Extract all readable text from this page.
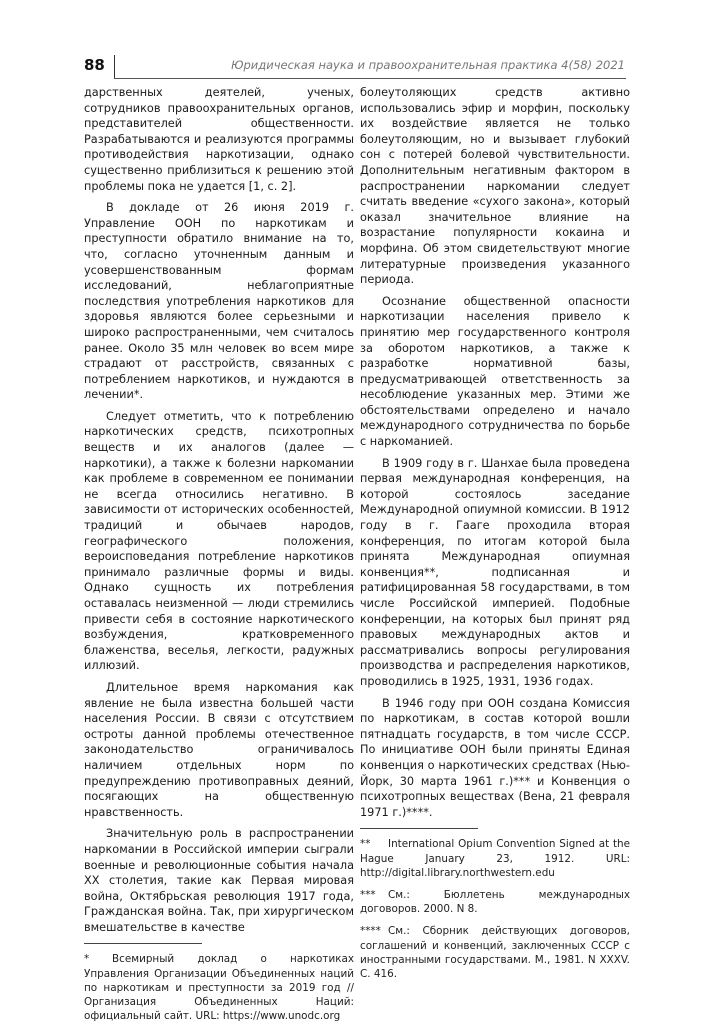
88	Юридическая наука и правоохранительная практика 4(58) 2021

дарственных деятелей, ученых, сотрудников правоохранительных органов, представителей общественности. Разрабатываются и реализуются программы противодействия наркотизации, однако существенно приблизиться к решению этой проблемы пока не удается [1, с. 2].

В докладе от 26 июня 2019 г. Управление ООН по наркотикам и преступности обратило внимание на то, что, согласно уточненным данным и усовершенствованным формам исследований, неблагоприятные последствия употребления наркотиков для здоровья являются более серьезными и широко распространенными, чем считалось ранее. Около 35 млн человек во всем мире страдают от расстройств, связанных с потреблением наркотиков, и нуждаются в лечении*.

Следует отметить, что к потреблению наркотических средств, психотропных веществ и их аналогов (далее — наркотики), а также к болезни наркомании как проблеме в современном ее понимании не всегда относились негативно. В зависимости от исторических особенностей, традиций и обычаев народов, географического положения, вероисповедания потребление наркотиков принимало различные формы и виды. Однако сущность их потребления оставалась неизменной — люди стремились привести себя в состояние наркотического возбуждения, кратковременного блаженства, веселья, легкости, радужных иллюзий.

Длительное время наркомания как явление не была известна большей части населения России. В связи с отсутствием остроты данной проблемы отечественное законодательство ограничивалось наличием отдельных норм по предупреждению противоправных деяний, посягающих на общественную нравственность.

Значительную роль в распространении наркомании в Российской империи сыграли военные и революционные события начала XX столетия, такие как Первая мировая война, Октябрьская революция 1917 года, Гражданская война. Так, при хирургическом вмешательстве в качестве

* Всемирный доклад о наркотиках Управления Организации Объединенных наций по наркотикам и преступности за 2019 год // Организация Объединенных Наций: официальный сайт. URL: https://www.unodc.org

болеутоляющих средств активно использовались эфир и морфин, поскольку их воздействие является не только болеутоляющим, но и вызывает глубокий сон с потерей болевой чувствительности. Дополнительным негативным фактором в распространении наркомании следует считать введение «сухого закона», который оказал значительное влияние на возрастание популярности кокаина и морфина. Об этом свидетельствуют многие литературные произведения указанного периода.

Осознание общественной опасности наркотизации населения привело к принятию мер государственного контроля за оборотом наркотиков, а также к разработке нормативной базы, предусматривающей ответственность за несоблюдение указанных мер. Этими же обстоятельствами определено и начало международного сотрудничества по борьбе с наркоманией.

В 1909 году в г. Шанхае была проведена первая международная конференция, на которой состоялось заседание Международной опиумной комиссии. В 1912 году в г. Гааге проходила вторая конференция, по итогам которой была принята Международная опиумная конвенция**, подписанная и ратифицированная 58 государствами, в том числе Российской империей. Подобные конференции, на которых был принят ряд правовых международных актов и рассматривались вопросы регулирования производства и распределения наркотиков, проводились в 1925, 1931, 1936 годах.

В 1946 году при ООН создана Комиссия по наркотикам, в состав которой вошли пятнадцать государств, в том числе СССР. По инициативе ООН были приняты Единая конвенция о наркотических средствах (Нью-Йорк, 30 марта 1961 г.)*** и Конвенция о психотропных веществах (Вена, 21 февраля 1971 г.)****.

** International Opium Convention Signed at the Hague January 23, 1912. URL: http://digital.library.northwestern.edu
*** См.: Бюллетень международных договоров. 2000. N 8.
**** См.: Сборник действующих договоров, соглашений и конвенций, заключенных СССР с иностранными государствами. М., 1981. N XXXV. С. 416.
